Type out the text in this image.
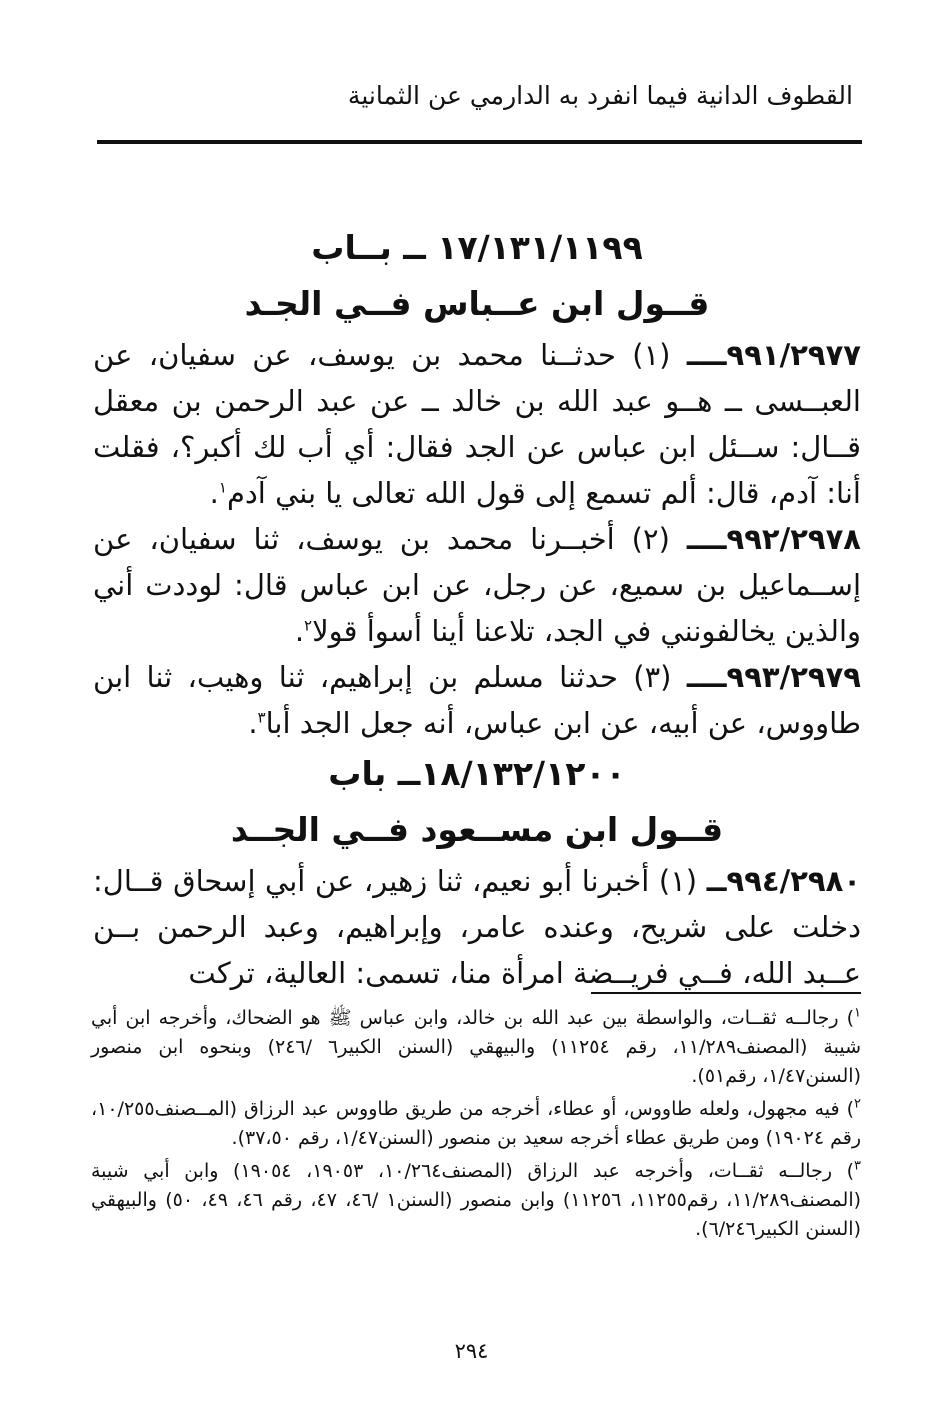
القطوف الدانية فيما انفرد به الدارمي عن الثمانية
١٧/١٣١/١١٩٩ ــ بــاب
قــول ابن عــباس فــي الجـد

٩٩١/٢٩٧٧ــــ (١) حدثــنا محمد بن يوسف، عن سفيان، عن العبــسى ــ هــو عبد الله بن خالد ــ عن عبد الرحمن بن معقل قــال: ســئل ابن عباس عن الجد فقال: أي أب لك أكبر؟، فقلت أنا: آدم، قال: ألم تسمع إلى قول الله تعالى يا بني آدم$^١$.

٩٩٢/٢٩٧٨ــــ (٢) أخبــرنا محمد بن يوسف، ثنا سفيان، عن إســماعيل بن سميع، عن رجل، عن ابن عباس قال: لوددت أني والذين يخالفونني في الجد، تلاعنا أينا أسوأ قولا$^٢$.

٩٩٣/٢٩٧٩ــــ (٣) حدثنا مسلم بن إبراهيم، ثنا وهيب، ثنا ابن طاووس، عن أبيه، عن ابن عباس، أنه جعل الجد أبا$^٣$.

١٨/١٣٢/١٢٠٠ــ باب
قــول ابن مســعود فــي الجــد

٩٩٤/٢٩٨٠ــ (١) أخبرنا أبو نعيم، ثنا زهير، عن أبي إسحاق قــال: دخلت على شريح، وعنده عامر، وإبراهيم، وعبد الرحمن بــن عــبد الله، فــي فريــضة امرأة منا، تسمى: العالية، تركت

$^١$) رجالــه ثقــات، والواسطة بين عبد الله بن خالد، وابن عباس ﷺ هو الضحاك، وأخرجه ابن أبي شيبة (المصنف١١/٢٨٩، رقم ١١٢٥٤) والبيهقي (السنن الكبير٦ /٢٤٦) وبنحوه ابن منصور (السنن١/٤٧، رقم٥١).
$^٢$) فيه مجهول، ولعله طاووس، أو عطاء، أخرجه من طريق طاووس عبد الرزاق (المــصنف١٠/٢٥٥، رقم ١٩٠٢٤) ومن طريق عطاء أخرجه سعيد بن منصور (السنن١/٤٧، رقم ٣٧،٥٠).
$^٣$) رجالــه ثقــات، وأخرجه عبد الرزاق (المصنف١٠/٢٦٤، ١٩٠٥٣، ١٩٠٥٤) وابن أبي شيبة (المصنف١١/٢٨٩، رقم١١٢٥٥، ١١٢٥٦) وابن منصور (السنن١ /٤٦، ٤٧، رقم ٤٦، ٤٩، ٥٠) والبيهقي (السنن الكبير٦/٢٤٦).
٢٩٤
